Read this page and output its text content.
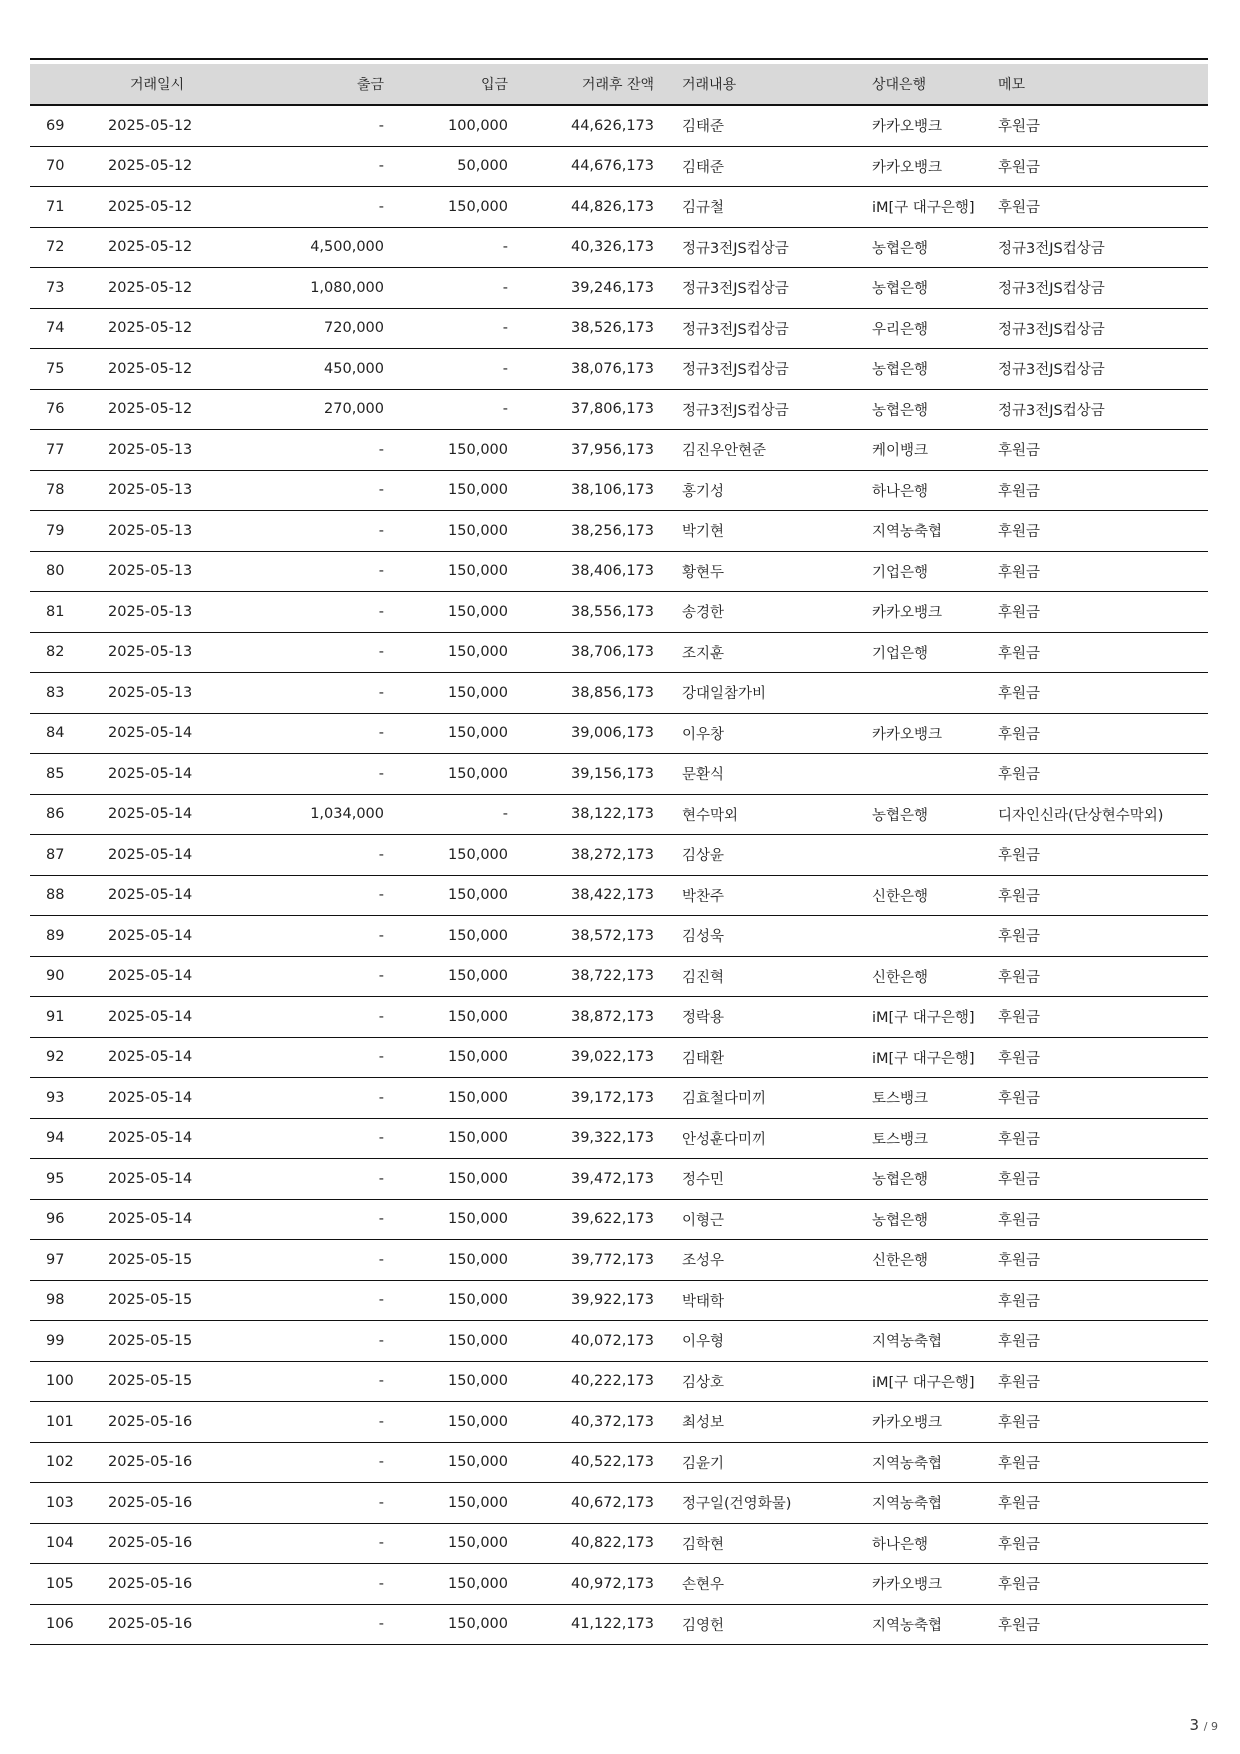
	거래일시	출금	입금	거래후 잔액	거래내용	상대은행	메모
69	2025-05-12	-	100,000	44,626,173	김태준	카카오뱅크	후원금
70	2025-05-12	-	50,000	44,676,173	김태준	카카오뱅크	후원금
71	2025-05-12	-	150,000	44,826,173	김규철	iM[구 대구은행]	후원금
72	2025-05-12	4,500,000	-	40,326,173	정규3전JS컵상금	농협은행	정규3전JS컵상금
73	2025-05-12	1,080,000	-	39,246,173	정규3전JS컵상금	농협은행	정규3전JS컵상금
74	2025-05-12	720,000	-	38,526,173	정규3전JS컵상금	우리은행	정규3전JS컵상금
75	2025-05-12	450,000	-	38,076,173	정규3전JS컵상금	농협은행	정규3전JS컵상금
76	2025-05-12	270,000	-	37,806,173	정규3전JS컵상금	농협은행	정규3전JS컵상금
77	2025-05-13	-	150,000	37,956,173	김진우안현준	케이뱅크	후원금
78	2025-05-13	-	150,000	38,106,173	홍기성	하나은행	후원금
79	2025-05-13	-	150,000	38,256,173	박기현	지역농축협	후원금
80	2025-05-13	-	150,000	38,406,173	황현두	기업은행	후원금
81	2025-05-13	-	150,000	38,556,173	송경한	카카오뱅크	후원금
82	2025-05-13	-	150,000	38,706,173	조지훈	기업은행	후원금
83	2025-05-13	-	150,000	38,856,173	강대일참가비		후원금
84	2025-05-14	-	150,000	39,006,173	이우창	카카오뱅크	후원금
85	2025-05-14	-	150,000	39,156,173	문환식		후원금
86	2025-05-14	1,034,000	-	38,122,173	현수막외	농협은행	디자인신라(단상현수막외)
87	2025-05-14	-	150,000	38,272,173	김상윤		후원금
88	2025-05-14	-	150,000	38,422,173	박찬주	신한은행	후원금
89	2025-05-14	-	150,000	38,572,173	김성욱		후원금
90	2025-05-14	-	150,000	38,722,173	김진혁	신한은행	후원금
91	2025-05-14	-	150,000	38,872,173	정락용	iM[구 대구은행]	후원금
92	2025-05-14	-	150,000	39,022,173	김태환	iM[구 대구은행]	후원금
93	2025-05-14	-	150,000	39,172,173	김효철다미끼	토스뱅크	후원금
94	2025-05-14	-	150,000	39,322,173	안성훈다미끼	토스뱅크	후원금
95	2025-05-14	-	150,000	39,472,173	정수민	농협은행	후원금
96	2025-05-14	-	150,000	39,622,173	이형근	농협은행	후원금
97	2025-05-15	-	150,000	39,772,173	조성우	신한은행	후원금
98	2025-05-15	-	150,000	39,922,173	박태학		후원금
99	2025-05-15	-	150,000	40,072,173	이우형	지역농축협	후원금
100	2025-05-15	-	150,000	40,222,173	김상호	iM[구 대구은행]	후원금
101	2025-05-16	-	150,000	40,372,173	최성보	카카오뱅크	후원금
102	2025-05-16	-	150,000	40,522,173	김윤기	지역농축협	후원금
103	2025-05-16	-	150,000	40,672,173	정구일(건영화물)	지역농축협	후원금
104	2025-05-16	-	150,000	40,822,173	김학현	하나은행	후원금
105	2025-05-16	-	150,000	40,972,173	손현우	카카오뱅크	후원금
106	2025-05-16	-	150,000	41,122,173	김영헌	지역농축협	후원금
3 / 9
